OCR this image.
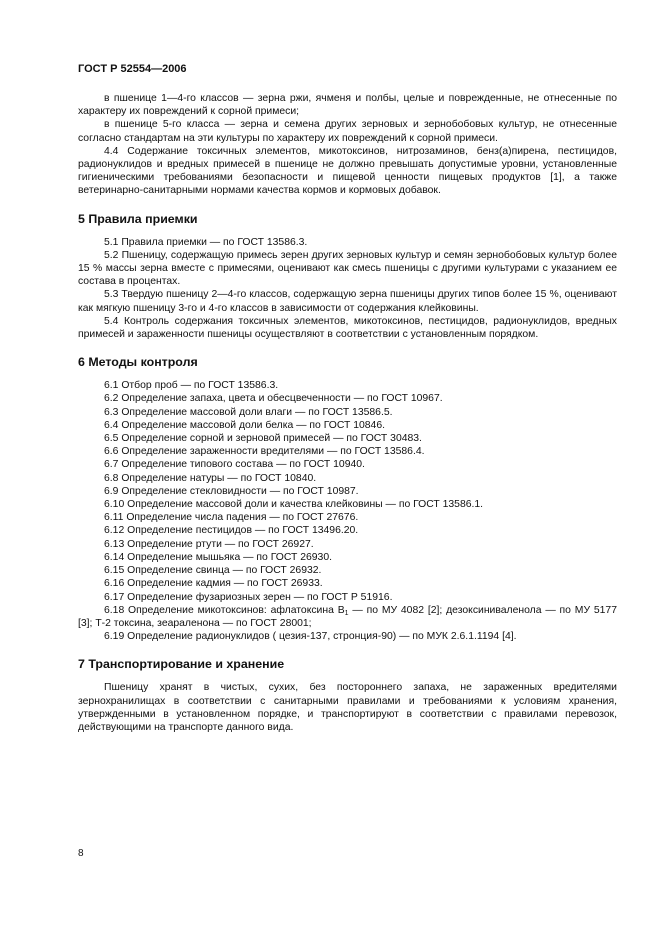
ГОСТ Р 52554—2006

в пшенице 1—4-го классов — зерна ржи, ячменя и полбы, целые и поврежденные, не отнесенные по характеру их повреждений к сорной примеси;

в пшенице 5-го класса — зерна и семена других зерновых и зернобобовых культур, не отнесенные согласно стандартам на эти культуры по характеру их повреждений к сорной примеси.

4.4 Содержание токсичных элементов, микотоксинов, нитрозаминов, бенз(а)пирена, пестицидов, радионуклидов и вредных примесей в пшенице не должно превышать допустимые уровни, установленные гигиеническими требованиями безопасности и пищевой ценности пищевых продуктов [1], а также ветеринарно-санитарными нормами качества кормов и кормовых добавок.

5 Правила приемки

5.1 Правила приемки — по ГОСТ 13586.3.

5.2 Пшеницу, содержащую примесь зерен других зерновых культур и семян зернобобовых культур более 15 % массы зерна вместе с примесями, оценивают как смесь пшеницы с другими культурами с указанием ее состава в процентах.

5.3 Твердую пшеницу 2—4-го классов, содержащую зерна пшеницы других типов более 15 %, оценивают как мягкую пшеницу 3-го и 4-го классов в зависимости от содержания клейковины.

5.4 Контроль содержания токсичных элементов, микотоксинов, пестицидов, радионуклидов, вредных примесей и зараженности пшеницы осуществляют в соответствии с установленным порядком.

6 Методы контроля

6.1 Отбор проб — по ГОСТ 13586.3.

6.2 Определение запаха, цвета и обесцвеченности — по ГОСТ 10967.

6.3 Определение массовой доли влаги — по ГОСТ 13586.5.

6.4 Определение массовой доли белка — по ГОСТ 10846.

6.5 Определение сорной и зерновой примесей — по ГОСТ 30483.

6.6 Определение зараженности вредителями — по ГОСТ 13586.4.

6.7 Определение типового состава — по ГОСТ 10940.

6.8 Определение натуры — по ГОСТ 10840.

6.9 Определение стекловидности — по ГОСТ 10987.

6.10 Определение массовой доли и качества клейковины — по ГОСТ 13586.1.

6.11 Определение числа падения — по ГОСТ 27676.

6.12 Определение пестицидов — по ГОСТ 13496.20.

6.13 Определение ртути — по ГОСТ 26927.

6.14 Определение мышьяка — по ГОСТ 26930.

6.15 Определение свинца — по ГОСТ 26932.

6.16 Определение кадмия — по ГОСТ 26933.

6.17 Определение фузариозных зерен — по ГОСТ Р 51916.

6.18 Определение микотоксинов: афлатоксина $В_1$ — по МУ 4082 [2]; дезоксиниваленола — по МУ 5177 [3]; Т-2 токсина, зеараленона — по ГОСТ 28001;

6.19 Определение радионуклидов ( цезия-137, стронция-90) — по МУК 2.6.1.1194 [4].

7 Транспортирование и хранение

Пшеницу хранят в чистых, сухих, без постороннего запаха, не зараженных вредителями зернохранилищах в соответствии с санитарными правилами и требованиями к условиям хранения, утвержденными в установленном порядке, и транспортируют в соответствии с правилами перевозок, действующими на транспорте данного вида.

8
